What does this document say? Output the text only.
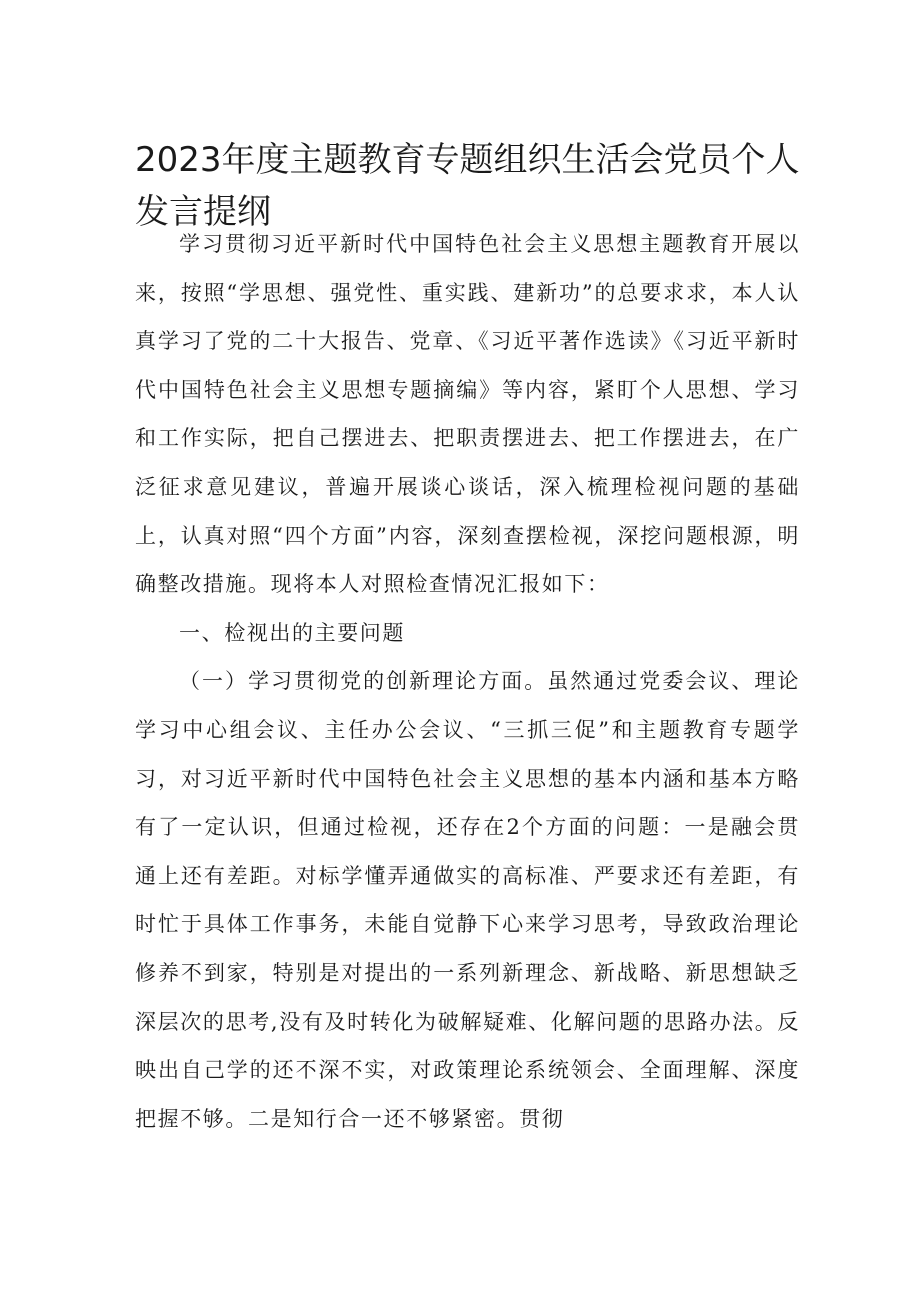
2023年度主题教育专题组织生活会党员个人发言提纲

学习贯彻习近平新时代中国特色社会主义思想主题教育开展以来，按照“学思想、强党性、重实践、建新功”的总要求求，本人认真学习了党的二十大报告、党章、《习近平著作选读》《习近平新时代中国特色社会主义思想专题摘编》等内容，紧盯个人思想、学习和工作实际，把自己摆进去、把职责摆进去、把工作摆进去，在广泛征求意见建议，普遍开展谈心谈话，深入梳理检视问题的基础上，认真对照“四个方面”内容，深刻查摆检视，深挖问题根源，明确整改措施。现将本人对照检查情况汇报如下：

一、检视出的主要问题

（一）学习贯彻党的创新理论方面。虽然通过党委会议、理论学习中心组会议、主任办公会议、“三抓三促”和主题教育专题学习，对习近平新时代中国特色社会主义思想的基本内涵和基本方略有了一定认识，但通过检视，还存在2个方面的问题：一是融会贯通上还有差距。对标学懂弄通做实的高标准、严要求还有差距，有时忙于具体工作事务，未能自觉静下心来学习思考，导致政治理论修养不到家，特别是对提出的一系列新理念、新战略、新思想缺乏深层次的思考,没有及时转化为破解疑难、化解问题的思路办法。反映出自己学的还不深不实，对政策理论系统领会、全面理解、深度把握不够。二是知行合一还不够紧密。贯彻
